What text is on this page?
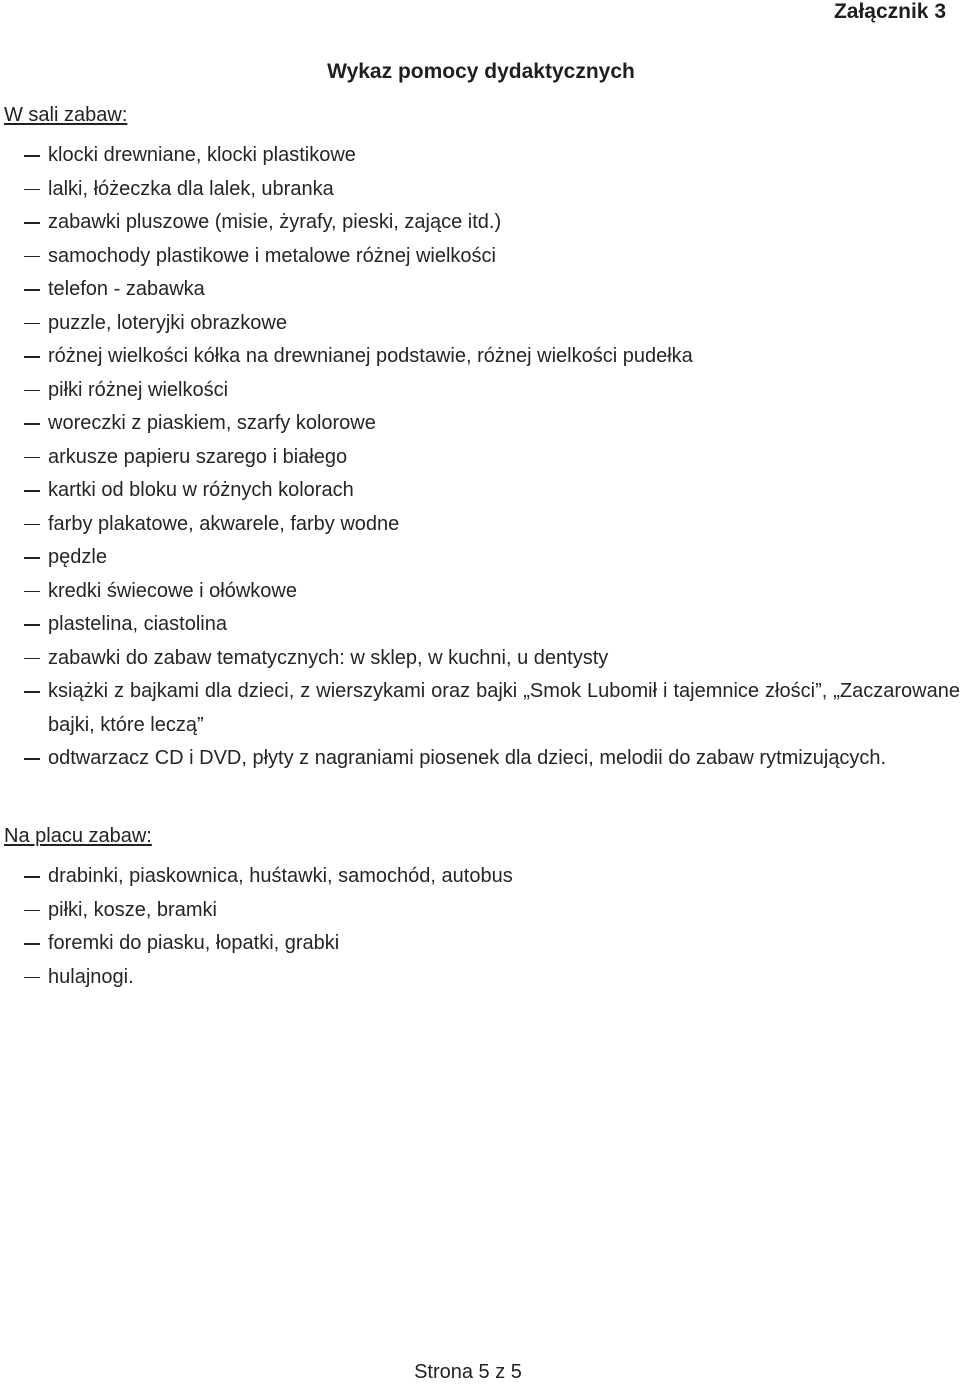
Załącznik 3
Wykaz pomocy dydaktycznych
W sali zabaw:
klocki drewniane, klocki plastikowe
lalki, łóżeczka dla lalek, ubranka
zabawki pluszowe (misie, żyrafy, pieski, zające itd.)
samochody plastikowe i metalowe różnej wielkości
telefon - zabawka
puzzle, loteryjki obrazkowe
różnej wielkości kółka na drewnianej podstawie, różnej wielkości pudełka
piłki różnej wielkości
woreczki z piaskiem, szarfy kolorowe
arkusze papieru szarego i białego
kartki od bloku w różnych kolorach
farby plakatowe, akwarele, farby wodne
pędzle
kredki świecowe i ołówkowe
plastelina, ciastolina
zabawki do zabaw tematycznych: w sklep, w kuchni, u dentysty
książki z bajkami dla dzieci, z wierszykami oraz bajki „Smok Lubomił i tajemnice złości”, „Zaczarowane bajki, które leczą”
odtwarzacz CD i DVD, płyty z nagraniami piosenek dla dzieci, melodii do zabaw rytmizujących.
Na placu zabaw:
drabinki, piaskownica, huśtawki, samochód, autobus
piłki, kosze, bramki
foremki do piasku, łopatki, grabki
hulajnogi.
Strona 5 z 5
